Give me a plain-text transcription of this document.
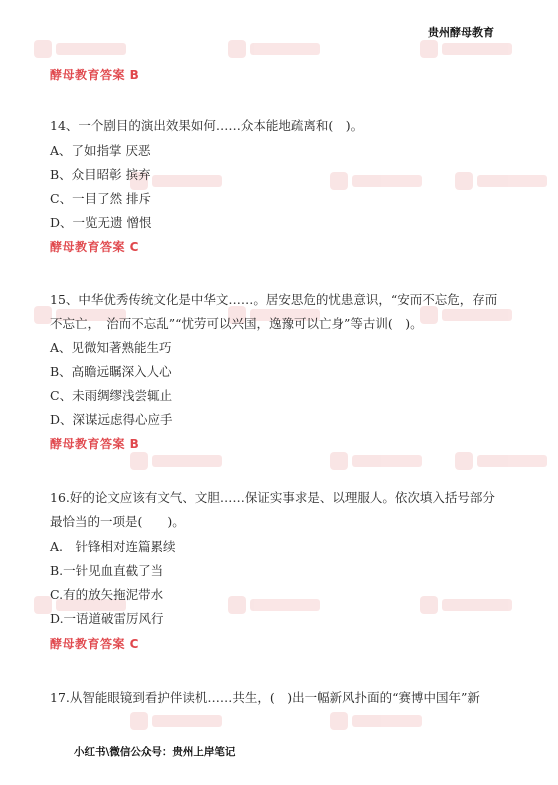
贵州酵母教育
酵母教育答案 B
14、一个剧目的演出效果如何……众本能地疏离和(　)。
A、了如指掌 厌恶
B、众目昭彰 摈弃
C、一目了然 排斥
D、一览无遗 憎恨
酵母教育答案 C
15、中华优秀传统文化是中华文……。居安思危的忧患意识，“安而不忘危，存而
不忘亡，　治而不忘乱”“忧劳可以兴国，逸豫可以亡身”等古训(　)。
A、见微知著熟能生巧
B、高瞻远瞩深入人心
C、未雨绸缪浅尝辄止
D、深谋远虑得心应手
酵母教育答案 B
16.好的论文应该有文气、文胆……保证实事求是、以理服人。依次填入括号部分
最恰当的一项是(　　)。
A.　针锋相对连篇累续
B.一针见血直截了当
C.有的放矢拖泥带水
D.一语道破雷厉风行
酵母教育答案 C
17.从智能眼镜到看护伴读机……共生，(　)出一幅新风扑面的“赛博中国年”新
小红书\微信公众号：贵州上岸笔记
